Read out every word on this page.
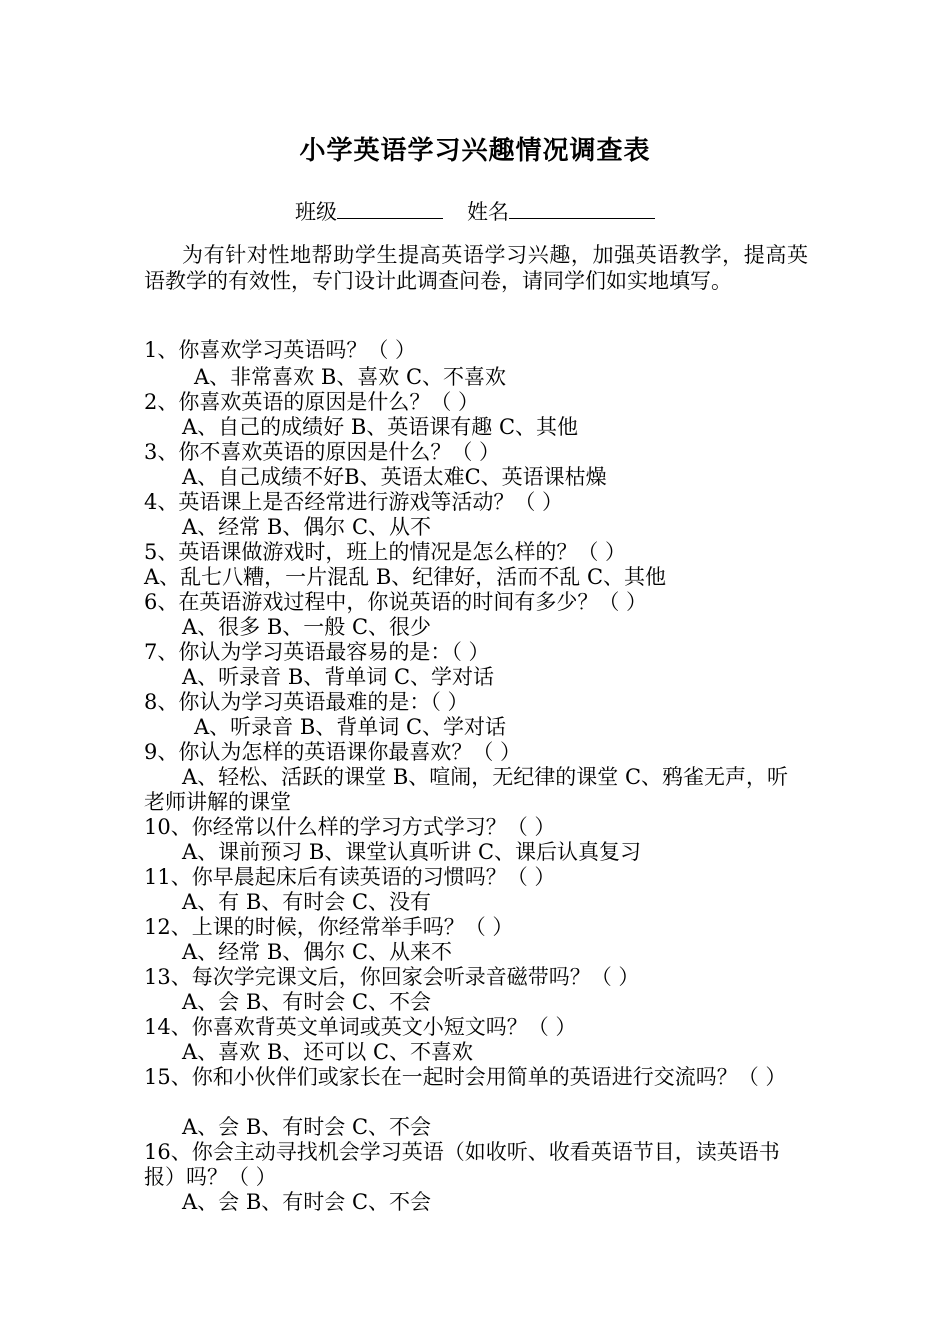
小学英语学习兴趣情况调查表
班级	姓名
为有针对性地帮助学生提高英语学习兴趣，加强英语教学，提高英语教学的有效性，专门设计此调查问卷，请同学们如实地填写。
1、你喜欢学习英语吗？（ ）
A、非常喜欢 B、喜欢 C、不喜欢
2、你喜欢英语的原因是什么？（ ）
A、自己的成绩好 B、英语课有趣 C、其他
3、你不喜欢英语的原因是什么？（ ）
A、自己成绩不好B、英语太难C、英语课枯燥
4、英语课上是否经常进行游戏等活动？（ ）
A、经常 B、偶尔 C、从不
5、英语课做游戏时，班上的情况是怎么样的？（ ）
A、乱七八糟，一片混乱 B、纪律好，活而不乱 C、其他
6、在英语游戏过程中，你说英语的时间有多少？（ ）
A、很多 B、一般 C、很少
7、你认为学习英语最容易的是：（ ）
A、听录音 B、背单词 C、学对话
8、你认为学习英语最难的是：（ ）
A、听录音 B、背单词 C、学对话
9、你认为怎样的英语课你最喜欢？（ ）
A、轻松、活跃的课堂 B、喧闹，无纪律的课堂 C、鸦雀无声，听老师讲解的课堂
10、你经常以什么样的学习方式学习？（ ）
A、课前预习 B、课堂认真听讲 C、课后认真复习
11、你早晨起床后有读英语的习惯吗？（ ）
A、有 B、有时会 C、没有
12、上课的时候，你经常举手吗？（ ）
A、经常 B、偶尔 C、从来不
13、每次学完课文后，你回家会听录音磁带吗？（ ）
A、会 B、有时会 C、不会
14、你喜欢背英文单词或英文小短文吗？（ ）
A、喜欢 B、还可以 C、不喜欢
15、你和小伙伴们或家长在一起时会用简单的英语进行交流吗？（ ）
A、会 B、有时会 C、不会
16、你会主动寻找机会学习英语（如收听、收看英语节目，读英语书报）吗？（ ）
A、会 B、有时会 C、不会
